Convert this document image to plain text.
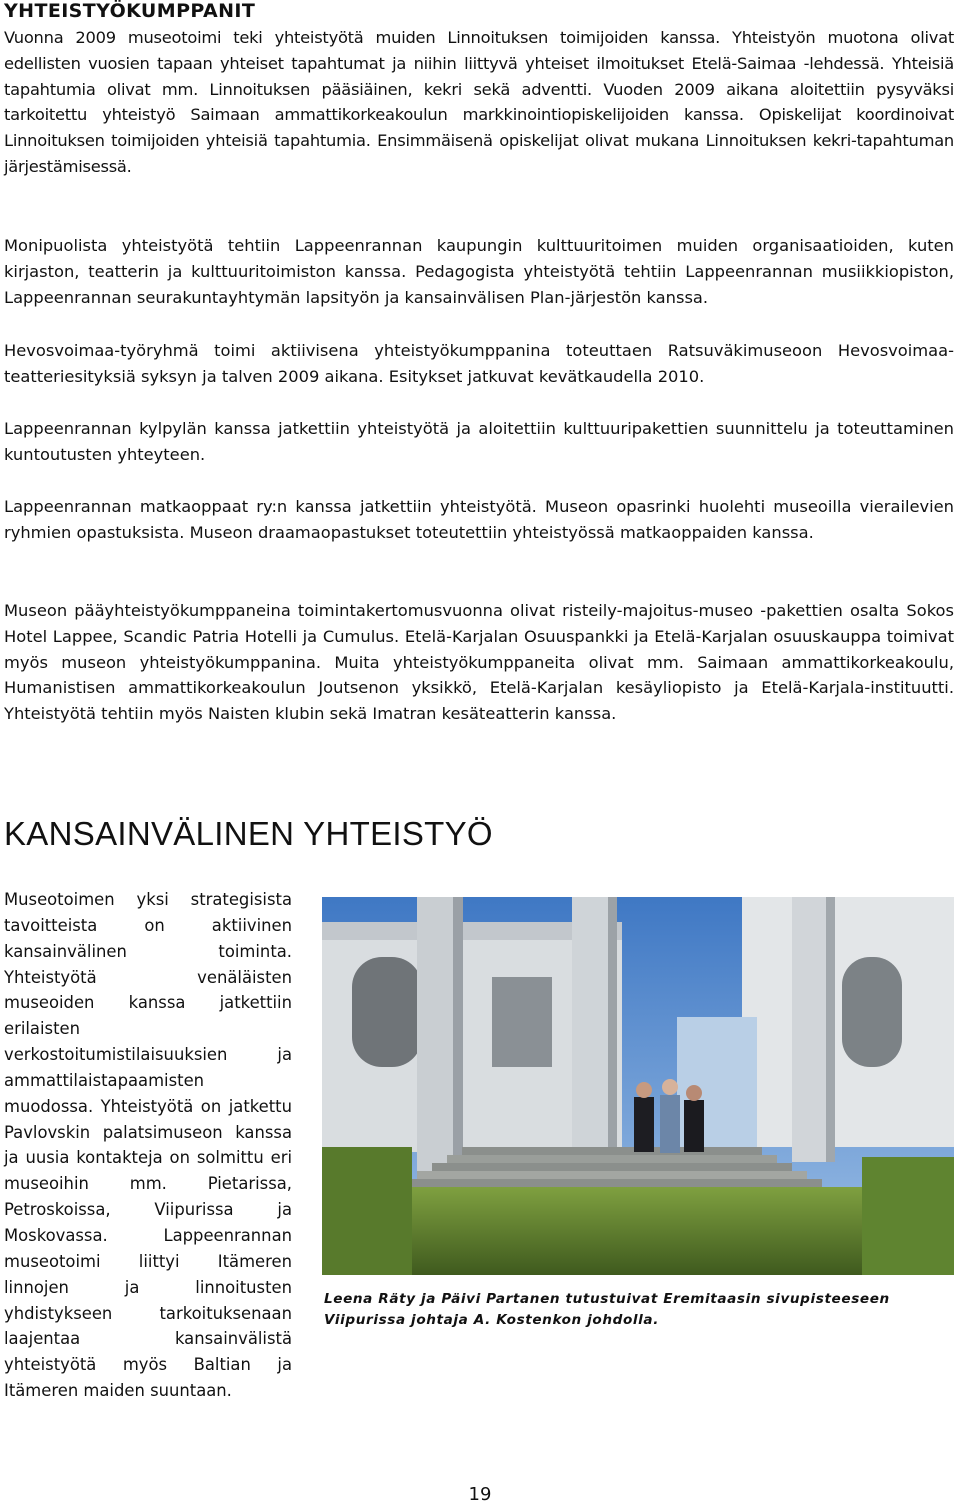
YHTEISTYÖKUMPPANIT

Vuonna 2009 museotoimi teki yhteistyötä muiden Linnoituksen toimijoiden kanssa. Yhteistyön muotona olivat edellisten vuosien tapaan yhteiset tapahtumat ja niihin liittyvä yhteiset ilmoitukset Etelä-Saimaa -lehdessä. Yhteisiä tapahtumia olivat mm. Linnoituksen pääsiäinen, kekri sekä adventti. Vuoden 2009 aikana aloitettiin pysyväksi tarkoitettu yhteistyö Saimaan ammattikorkeakoulun markkinointiopiskelijoiden kanssa. Opiskelijat koordinoivat Linnoituksen toimijoiden yhteisiä tapahtumia. Ensimmäisenä opiskelijat olivat mukana Linnoituksen kekri-tapahtuman järjestämisessä.

Monipuolista yhteistyötä tehtiin Lappeenrannan kaupungin kulttuuritoimen muiden organisaatioiden, kuten kirjaston, teatterin ja kulttuuritoimiston kanssa. Pedagogista yhteistyötä tehtiin Lappeenrannan musiikkiopiston, Lappeenrannan seurakuntayhtymän lapsityön ja kansainvälisen Plan-järjestön kanssa.

Hevosvoimaa-työryhmä toimi aktiivisena yhteistyökumppanina toteuttaen Ratsuväkimuseoon Hevosvoimaa-teatteriesityksiä syksyn ja talven 2009 aikana. Esitykset jatkuvat kevätkaudella 2010.

Lappeenrannan kylpylän kanssa jatkettiin yhteistyötä ja aloitettiin kulttuuripakettien suunnittelu ja toteuttaminen kuntoutusten yhteyteen.

Lappeenrannan matkaoppaat ry:n kanssa jatkettiin yhteistyötä. Museon opasrinki huolehti museoilla vierailevien ryhmien opastuksista. Museon draamaopastukset toteutettiin yhteistyössä matkaoppaiden kanssa.

Museon pääyhteistyökumppaneina toimintakertomusvuonna olivat risteily-majoitus-museo -pakettien osalta Sokos Hotel Lappee, Scandic Patria Hotelli ja Cumulus. Etelä-Karjalan Osuuspankki ja Etelä-Karjalan osuuskauppa toimivat myös museon yhteistyökumppanina. Muita yhteistyökumppaneita olivat mm. Saimaan ammattikorkeakoulu, Humanistisen ammattikorkeakoulun Joutsenon yksikkö, Etelä-Karjalan kesäyliopisto ja Etelä-Karjala-instituutti. Yhteistyötä tehtiin myös Naisten klubin sekä Imatran kesäteatterin kanssa.

KANSAINVÄLINEN YHTEISTYÖ

Museotoimen yksi strategisista tavoitteista on aktiivinen kansainvälinen toiminta. Yhteistyötä venäläisten museoiden kanssa jatkettiin erilaisten verkostoitumistilaisuuksien ja ammattilaistapaamisten muodossa. Yhteistyötä on jatkettu Pavlovskin palatsimuseon kanssa ja uusia kontakteja on solmittu eri museoihin mm. Pietarissa, Petroskoissa, Viipurissa ja Moskovassa. Lappeenrannan museotoimi liittyi Itämeren linnojen ja linnoitusten yhdistykseen tarkoituksenaan laajentaa kansainvälistä yhteistyötä myös Baltian ja Itämeren maiden suuntaan.

Leena Räty ja Päivi Partanen tutustuivat Eremitaasin sivupisteeseen Viipurissa johtaja A. Kostenkon johdolla.
19
